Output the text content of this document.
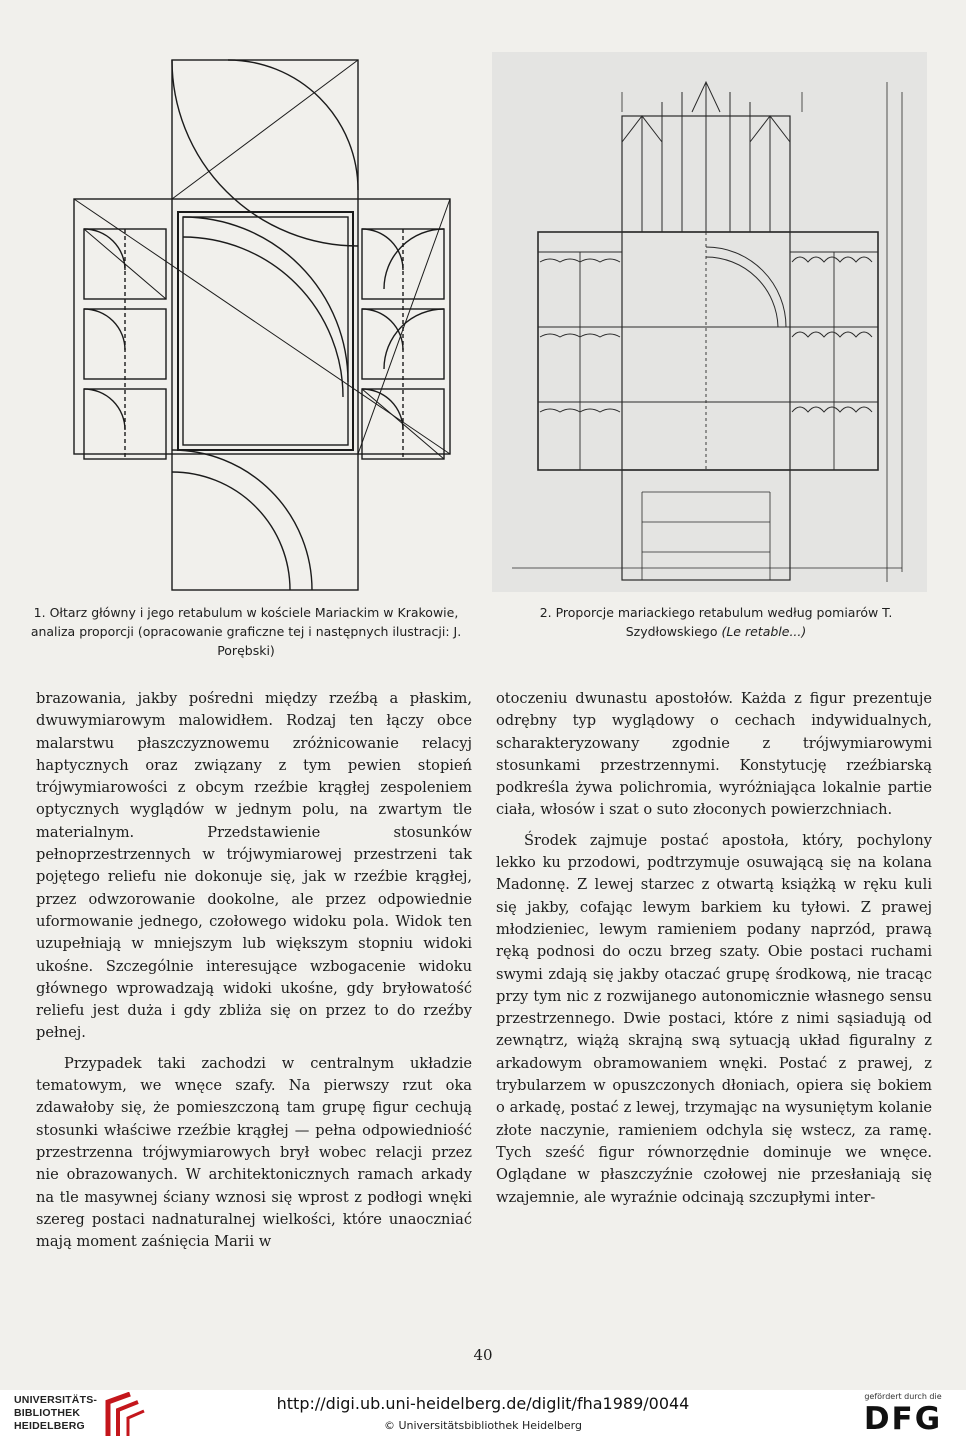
1. Ołtarz główny i jego retabulum w kościele Mariackim w Krakowie, analiza proporcji (opracowanie graficzne tej i następnych ilustracji: J. Porębski)

2. Proporcje mariackiego retabulum według pomiarów T. Szydłowskiego (Le retable...)

brazowania, jakby pośredni między rzeźbą a płaskim, dwuwymiarowym malowidłem. Rodzaj ten łączy obce malarstwu płaszczyznowemu zróżnicowanie relacyj haptycznych oraz związany z tym pewien stopień trójwymiarowości z obcym rzeźbie krągłej zespoleniem optycznych wyglądów w jednym polu, na zwartym tle materialnym. Przedstawienie stosunków pełnoprzestrzennych w trójwymiarowej przestrzeni tak pojętego reliefu nie dokonuje się, jak w rzeźbie krągłej, przez odwzorowanie dookolne, ale przez odpowiednie uformowanie jednego, czołowego widoku pola. Widok ten uzupełniają w mniejszym lub większym stopniu widoki ukośne. Szczególnie interesujące wzbogacenie widoku głównego wprowadzają widoki ukośne, gdy bryłowatość reliefu jest duża i gdy zbliża się on przez to do rzeźby pełnej.

Przypadek taki zachodzi w centralnym układzie tematowym, we wnęce szafy. Na pierwszy rzut oka zdawałoby się, że pomieszczoną tam grupę figur cechują stosunki właściwe rzeźbie krągłej — pełna odpowiedniość przestrzenna trójwymiarowych brył wobec relacji przez nie obrazowanych. W architektonicznych ramach arkady na tle masywnej ściany wznosi się wprost z podłogi wnęki szereg postaci nadnaturalnej wielkości, które unaoczniać mają moment zaśnięcia Marii w

otoczeniu dwunastu apostołów. Każda z figur prezentuje odrębny typ wyglądowy o cechach indywidualnych, scharakteryzowany zgodnie z trójwymiarowymi stosunkami przestrzennymi. Konstytucję rzeźbiarską podkreśla żywa polichromia, wyróżniająca lokalnie partie ciała, włosów i szat o suto złoconych powierzchniach.

Środek zajmuje postać apostoła, który, pochylony lekko ku przodowi, podtrzymuje osuwającą się na kolana Madonnę. Z lewej starzec z otwartą książką w ręku kuli się jakby, cofając lewym barkiem ku tyłowi. Z prawej młodzieniec, lewym ramieniem podany naprzód, prawą ręką podnosi do oczu brzeg szaty. Obie postaci ruchami swymi zdają się jakby otaczać grupę środkową, nie tracąc przy tym nic z rozwijanego autonomicznie własnego sensu przestrzennego. Dwie postaci, które z nimi sąsiadują od zewnątrz, wiążą skrajną swą sytuacją układ figuralny z arkadowym obramowaniem wnęki. Postać z prawej, z trybularzem w opuszczonych dłoniach, opiera się bokiem o arkadę, postać z lewej, trzymając na wysuniętym kolanie złote naczynie, ramieniem odchyla się wstecz, za ramę. Tych sześć figur równorzędnie dominuje we wnęce. Oglądane w płaszczyźnie czołowej nie przesłaniają się wzajemnie, ale wyraźnie odcinają szczupłymi inter-

40
UNIVERSITÄTS- BIBLIOTHEK HEIDELBERG
http://digi.ub.uni-heidelberg.de/diglit/fha1989/0044
© Universitätsbibliothek Heidelberg
gefördert durch die
DFG
